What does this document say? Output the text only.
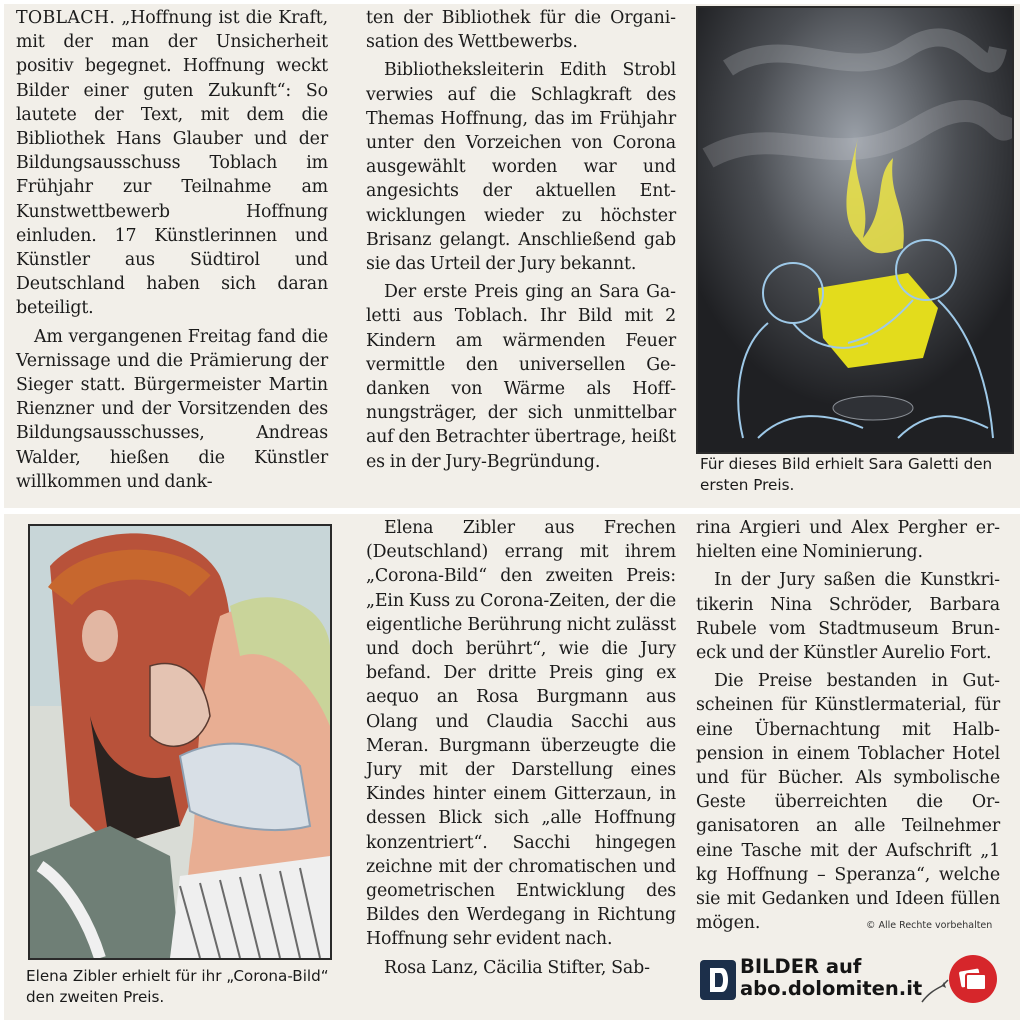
TOBLACH. „Hoffnung ist die Kraft, mit der man der Unsicherheit positiv begegnet. Hoffnung weckt Bilder einer guten Zukunft“: So lautete der Text, mit dem die Bibliothek Hans Glauber und der Bildungsausschuss Toblach im Frühjahr zur Teilnahme am Kunstwettbewerb Hoffnung einluden. 17 Künstlerinnen und Künstler aus Südtirol und Deutschland haben sich daran beteiligt.

Am vergangenen Freitag fand die Vernissage und die Prämierung der Sieger statt. Bürgermeister Martin Rienzner und der Vorsitzenden des Bildungsausschusses, Andreas Walder, hießen die Künstler willkommen und dank-

ten der Bibliothek für die Organisation des Wettbewerbs.

Bibliotheksleiterin Edith Strobl verwies auf die Schlagkraft des Themas Hoffnung, das im Frühjahr unter den Vorzeichen von Corona ausgewählt worden war und angesichts der aktuellen Entwicklungen wieder zu höchster Brisanz gelangt. Anschließend gab sie das Urteil der Jury bekannt.

Der erste Preis ging an Sara Galetti aus Toblach. Ihr Bild mit 2 Kindern am wärmenden Feuer vermittle den universellen Gedanken von Wärme als Hoffnungsträger, der sich unmittelbar auf den Betrachter übertrage, heißt es in der Jury-Begründung.	Für dieses Bild erhielt Sara Galetti den ersten Preis.
Elena Zibler erhielt für ihr „Corona-Bild“ den zweiten Preis.

Elena Zibler aus Frechen (Deutschland) errang mit ihrem „Corona-Bild“ den zweiten Preis: „Ein Kuss zu Corona-Zeiten, der die eigentliche Berührung nicht zulässt und doch berührt“, wie die Jury befand. Der dritte Preis ging ex aequo an Rosa Burgmann aus Olang und Claudia Sacchi aus Meran. Burgmann überzeugte die Jury mit der Darstellung eines Kindes hinter einem Gitterzaun, in dessen Blick sich „alle Hoffnung konzentriert“. Sacchi hingegen zeichne mit der chromatischen und geometrischen Entwicklung des Bildes den Werdegang in Richtung Hoffnung sehr evident nach.

Rosa Lanz, Cäcilia Stifter, Sab-

rina Argieri und Alex Pergher erhielten eine Nominierung.

In der Jury saßen die Kunstkritikerin Nina Schröder, Barbara Rubele vom Stadtmuseum Bruneck und der Künstler Aurelio Fort.

Die Preise bestanden in Gutscheinen für Künstlermaterial, für eine Übernachtung mit Halbpension in einem Toblacher Hotel und für Bücher. Als symbolische Geste überreichten die Organisatoren an alle Teilnehmer eine Tasche mit der Aufschrift „1 kg Hoffnung – Speranza“, welche sie mit Gedanken und Ideen füllen mögen.	© Alle Rechte vorbehalten
BILDER auf
abo.dolomiten.it
